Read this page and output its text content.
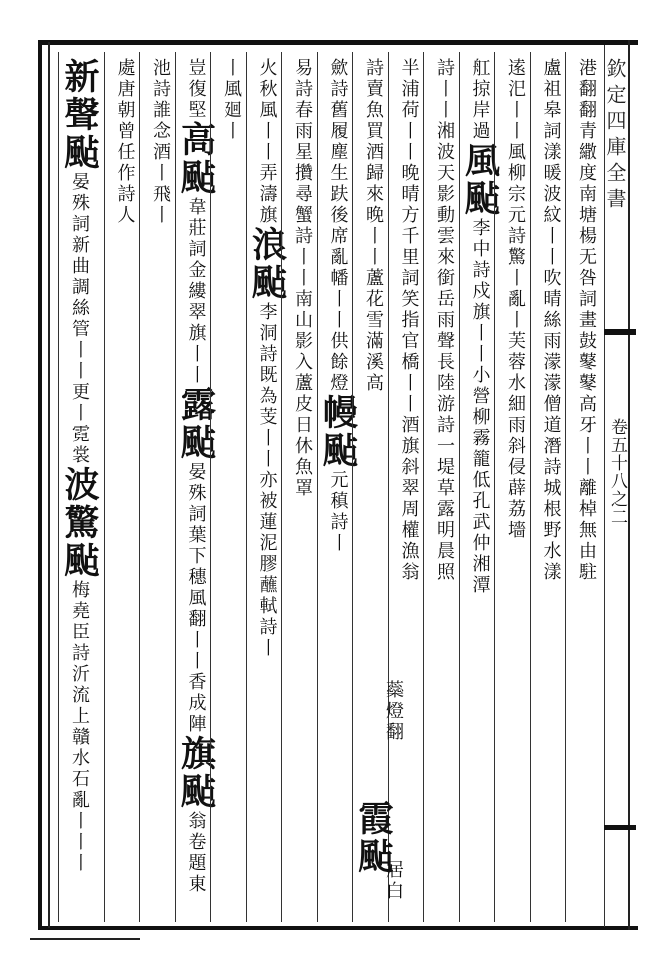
欽定四庫全書
卷五十八之二
新聲颭晏殊詞新曲調絲管丨丨更丨霓裳波驚颭梅堯臣詩沂流上贛水石亂丨丨丨
處唐朝曾任作詩人 池詩誰念酒丨飛丨 豈復堅高颭韋莊詞金縷翠旗丨丨露颭晏殊詞葉下穗風翻丨丨香成陣旗颭翁卷題東
丨風廻丨 火秋風丨丨弄濤旗浪颭李洞詩既為芰丨丨亦被蓮泥膠蘸軾詩丨
易詩春雨星攢尋蟹詩丨丨南山影入蘆皮日休魚罩 歛詩舊履塵生趺後席亂幡丨丨供餘燈幔颭元稹詩丨
詩賣魚買酒歸來晚丨丨蘆花雪滿溪高 半浦荷丨丨晚晴方千里詞笑指官橋丨丨酒旗斜翠周權漁翁 詩丨丨湘波天影動雲來銜岳雨聲長陸游詩一堤草露明晨照 舡掠岸過風颭李中詩戍旗丨丨小營柳霧籠低孔武仲湘潭
逺汜丨丨風柳宗元詩驚丨亂丨芙蓉水細雨斜侵薜荔墻 盧祖皋詞漾暖波紋丨丨吹晴絲雨濛濛僧道潛詩城根野水漾 港翻翻青繖度南塘楊无咎詞畫鼓鼕鼕高牙丨丨離棹無由駐
霞颭
居白
蘂燈翻
